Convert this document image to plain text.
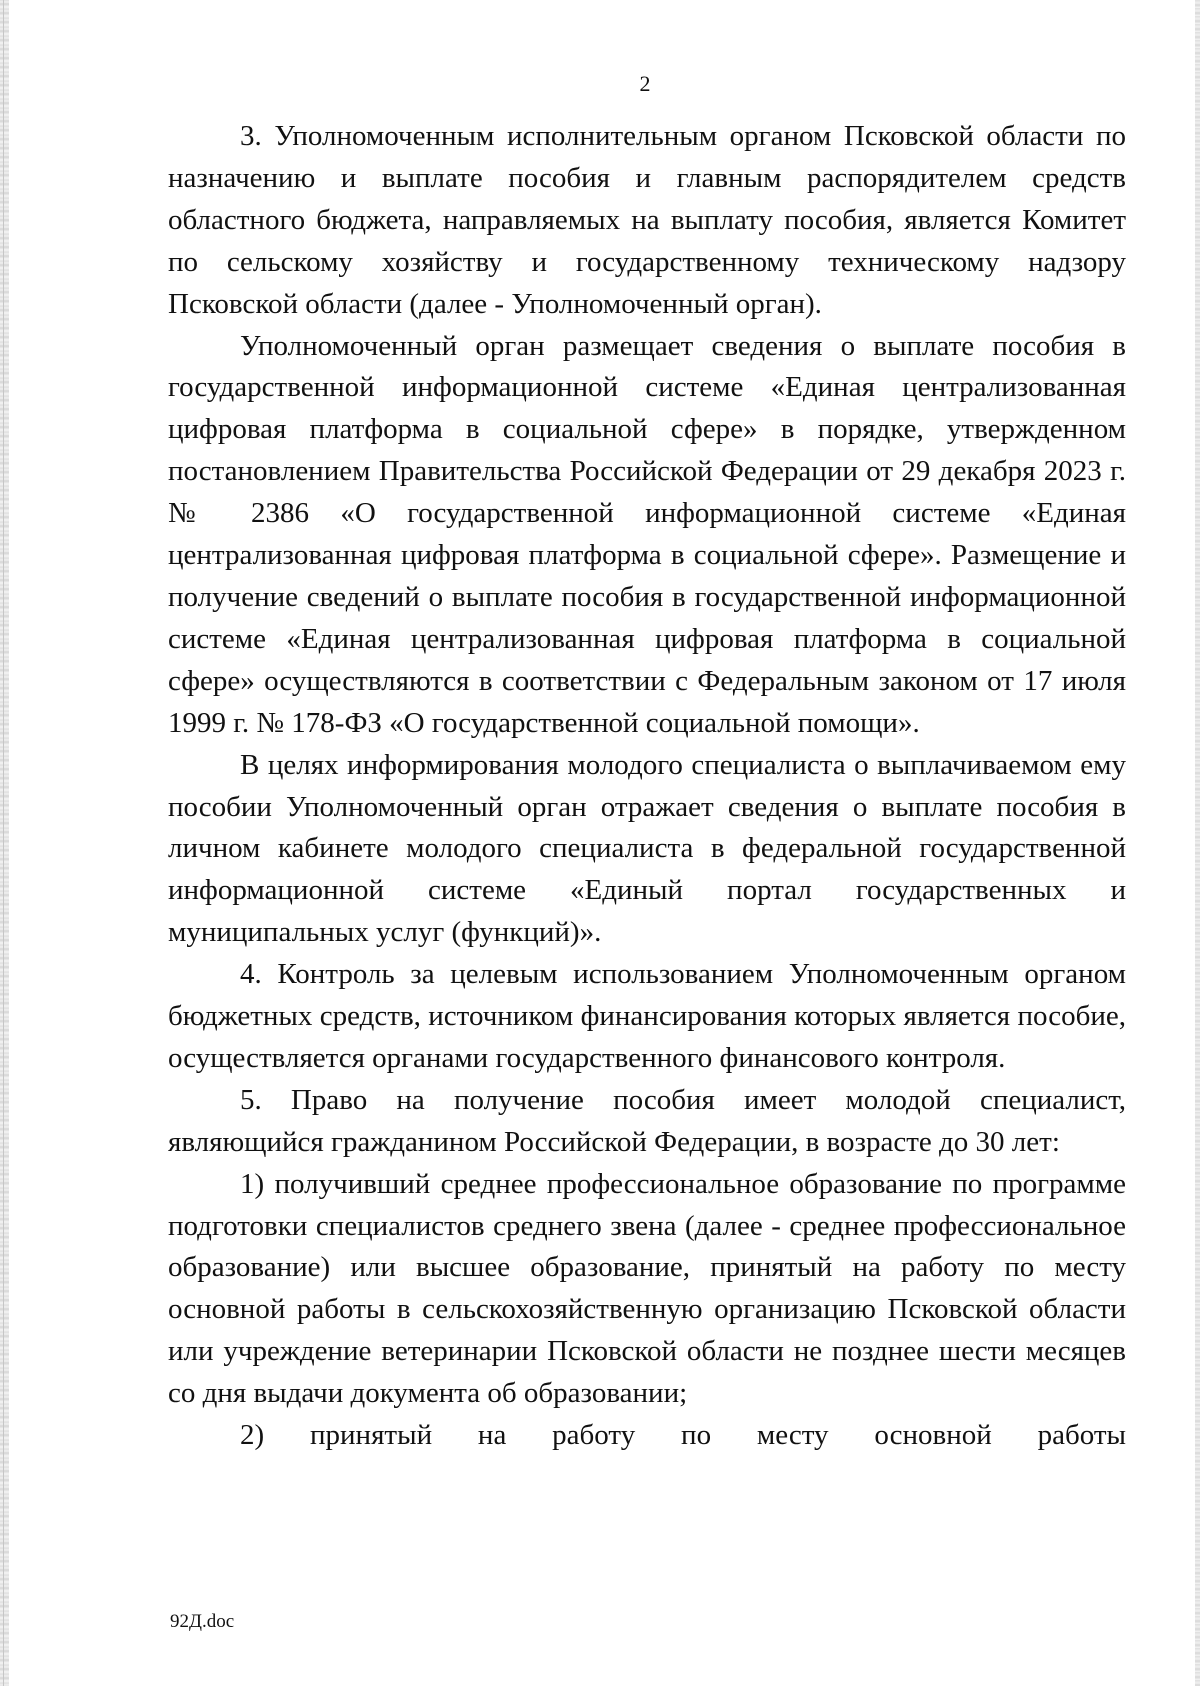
2

3. Уполномоченным исполнительным органом Псковской области по назначению и выплате пособия и главным распорядителем средств областного бюджета, направляемых на выплату пособия, является Комитет по сельскому хозяйству и государственному техническому надзору Псковской области (далее - Уполномоченный орган).

Уполномоченный орган размещает сведения о выплате пособия в государственной информационной системе «Единая централизованная цифровая платформа в социальной сфере» в порядке, утвержденном постановлением Правительства Российской Федерации от 29 декабря 2023 г. № 2386 «О государственной информационной системе «Единая централизованная цифровая платформа в социальной сфере». Размещение и получение сведений о выплате пособия в государственной информационной системе «Единая централизованная цифровая платформа в социальной сфере» осуществляются в соответствии с Федеральным законом от 17 июля 1999 г. № 178-ФЗ «О государственной социальной помощи».

В целях информирования молодого специалиста о выплачиваемом ему пособии Уполномоченный орган отражает сведения о выплате пособия в личном кабинете молодого специалиста в федеральной государственной информационной системе «Единый портал государственных и муниципальных услуг (функций)».

4. Контроль за целевым использованием Уполномоченным органом бюджетных средств, источником финансирования которых является пособие, осуществляется органами государственного финансового контроля.

5. Право на получение пособия имеет молодой специалист, являющийся гражданином Российской Федерации, в возрасте до 30 лет:

1) получивший среднее профессиональное образование по программе подготовки специалистов среднего звена (далее - среднее профессиональное образование) или высшее образование, принятый на работу по месту основной работы в сельскохозяйственную организацию Псковской области или учреждение ветеринарии Псковской области не позднее шести месяцев со дня выдачи документа об образовании;

2) принятый на работу по месту основной работы

92Д.doc
